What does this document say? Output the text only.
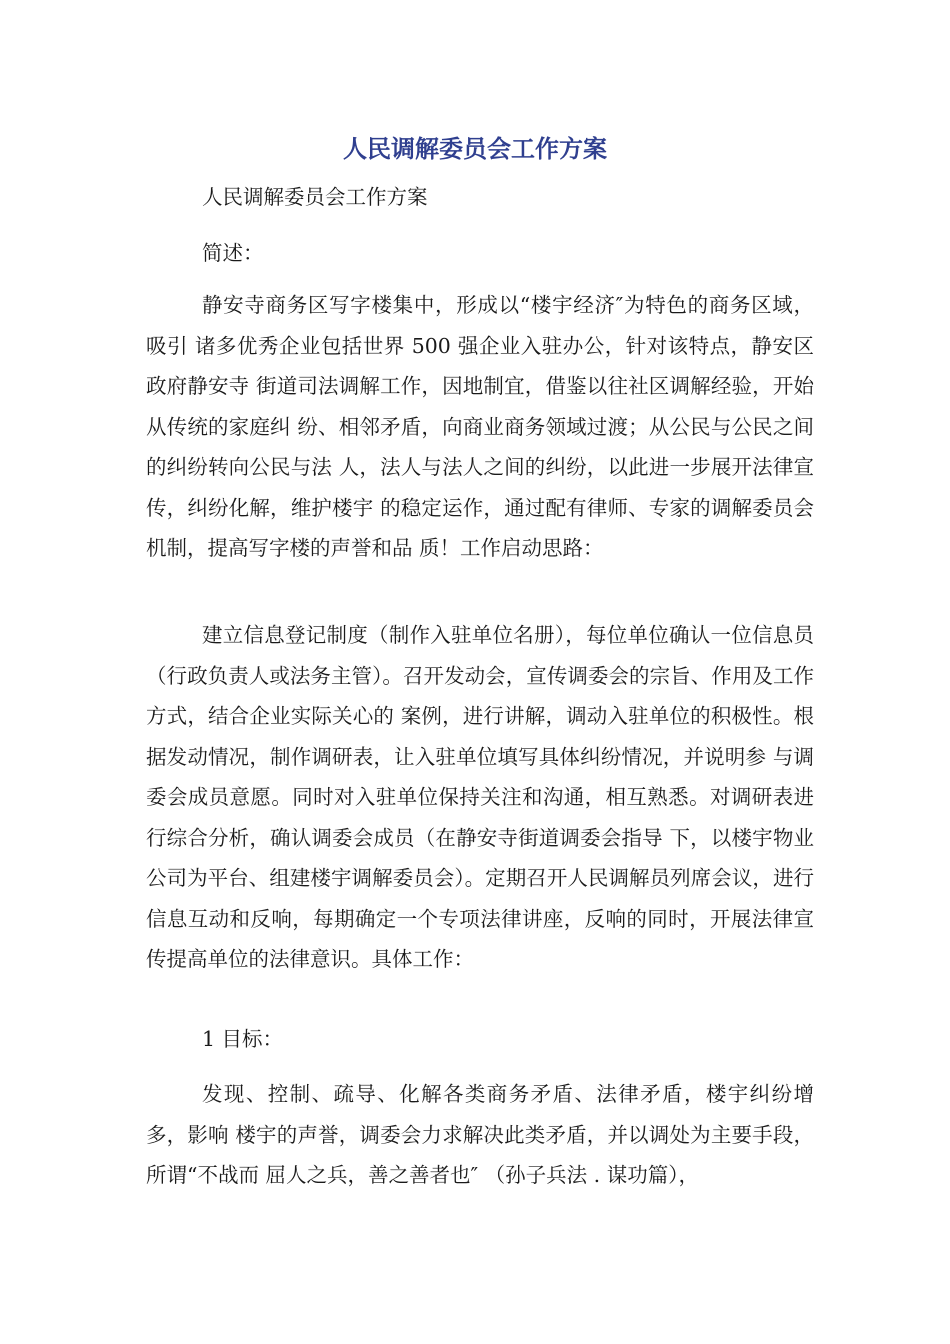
人民调解委员会工作方案

人民调解委员会工作方案

简述：

静安寺商务区写字楼集中，形成以“楼宇经济″为特色的商务区域，吸引 诸多优秀企业包括世界 500 强企业入驻办公，针对该特点，静安区政府静安寺 街道司法调解工作，因地制宜，借鉴以往社区调解经验，开始从传统的家庭纠 纷、相邻矛盾，向商业商务领域过渡；从公民与公民之间的纠纷转向公民与法 人，法人与法人之间的纠纷，以此进一步展开法律宣传，纠纷化解，维护楼宇 的稳定运作，通过配有律师、专家的调解委员会机制，提高写字楼的声誉和品 质！工作启动思路：

建立信息登记制度（制作入驻单位名册），每位单位确认一位信息员 （行政负责人或法务主管）。召开发动会，宣传调委会的宗旨、作用及工作方式，结合企业实际关心的 案例，进行讲解，调动入驻单位的积极性。根据发动情况，制作调研表，让入驻单位填写具体纠纷情况，并说明参 与调委会成员意愿。同时对入驻单位保持关注和沟通，相互熟悉。对调研表进行综合分析，确认调委会成员（在静安寺街道调委会指导 下，以楼宇物业公司为平台、组建楼宇调解委员会）。定期召开人民调解员列席会议，进行信息互动和反响，每期确定一个专项法律讲座，反响的同时，开展法律宣传提高单位的法律意识。具体工作：

1 目标：

发现、控制、疏导、化解各类商务矛盾、法律矛盾，楼宇纠纷增多，影响 楼宇的声誉，调委会力求解决此类矛盾，并以调处为主要手段，所谓“不战而 屈人之兵，善之善者也″ （孙子兵法 . 谋功篇），
